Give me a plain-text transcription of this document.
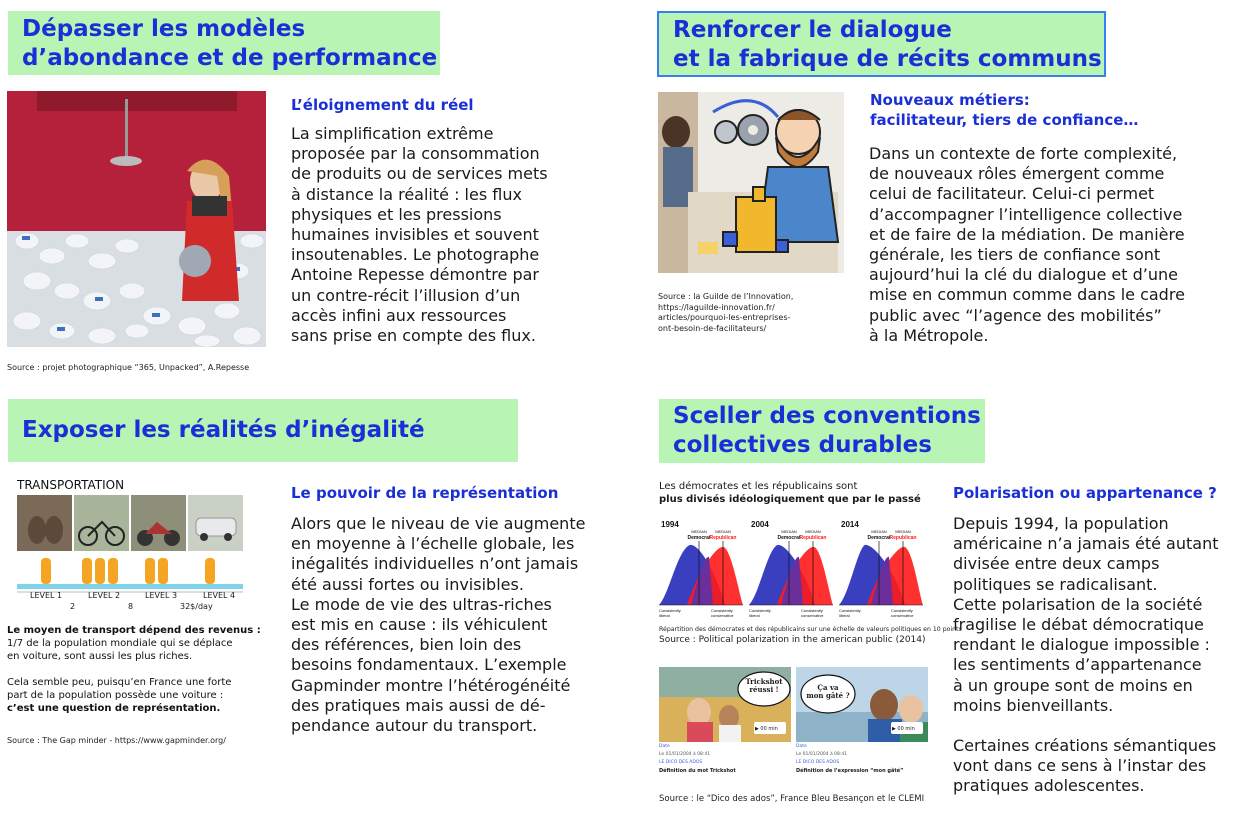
Dépasser les modèles
d’abondance et de performance
Source : projet photographique “365, Unpacked”, A.Repesse
L’éloignement du réel
La simplification extrême
proposée par la consommation
de produits ou de services mets
à distance la réalité : les flux
physiques et les pressions
humaines invisibles et souvent
insoutenables. Le photographe
Antoine Repesse démontre par
un contre-récit l’illusion d’un
accès infini aux ressources
sans prise en compte des flux.
Renforcer le dialogue
et la fabrique de récits communs
Source : la Guilde de l’Innovation,
https://laguilde-innovation.fr/
articles/pourquoi-les-entreprises-
ont-besoin-de-facilitateurs/
Nouveaux métiers:
facilitateur, tiers de confiance…
Dans un contexte de forte complexité,
de nouveaux rôles émergent comme
celui de facilitateur. Celui-ci permet
d’accompagner l’intelligence collective
et de faire de la médiation. De manière
générale, les tiers de confiance sont
aujourd’hui la clé du dialogue et d’une
mise en commun comme dans le cadre
public avec “l’agence des mobilités”
à la Métropole.
Exposer les réalités d’inégalité
TRANSPORTATION
LEVEL 1	LEVEL 2	LEVEL 3	LEVEL 4
2	8	32$/day
Le moyen de transport dépend des revenus :
1/7 de la population mondiale qui se déplace
en voiture, sont aussi les plus riches.
Cela semble peu, puisqu’en France une forte
part de la population possède une voiture :
c’est une question de représentation.
Source : The Gap minder - https://www.gapminder.org/
Le pouvoir de la représentation
Alors que le niveau de vie augmente
en moyenne à l’échelle globale, les
inégalités individuelles n’ont jamais
été aussi fortes ou invisibles.
Le mode de vie des ultras-riches
est mis en cause : ils véhiculent
des références, bien loin des
besoins fondamentaux. L’exemple
Gapminder montre l’hétérogénéité
des pratiques mais aussi de dé-
pendance autour du transport.
Sceller des conventions
collectives durables
Les démocrates et les républicains sont
plus divisés idéologiquement que par le passé
1994
MEDIAN
Democrat
MEDIAN
Republican
Consistently
liberal
Consistently
conservative
2004
MEDIAN
Democrat
MEDIAN
Republican
Consistently
liberal
Consistently
conservative
2014
MEDIAN
Democrat
MEDIAN
Republican
Consistently
liberal
Consistently
conservative
Répartition des démocrates et des républicains sur une échelle de valeurs politiques en 10 points
Source : Political polarization in the american public (2014)
Trickshot
réussi !
▶ 00 min
Date
Le 01/01/2004 à 08:41
LE DICO DES ADOS
Définition du mot Trickshot
Ça va
mon gâté ?
▶ 00 min
Date
Le 01/01/2004 à 08:41
LE DICO DES ADOS
Définition de l’expression “mon gâté”
Source : le “Dico des ados”, France Bleu Besançon et le CLEMI
Polarisation ou appartenance ?
Depuis 1994, la population
américaine n’a jamais été autant
divisée entre deux camps
politiques se radicalisant.
Cette polarisation de la société
fragilise le débat démocratique
rendant le dialogue impossible :
les sentiments d’appartenance
à un groupe sont de moins en
moins bienveillants.
Certaines créations sémantiques
vont dans ce sens à l’instar des
pratiques adolescentes.
